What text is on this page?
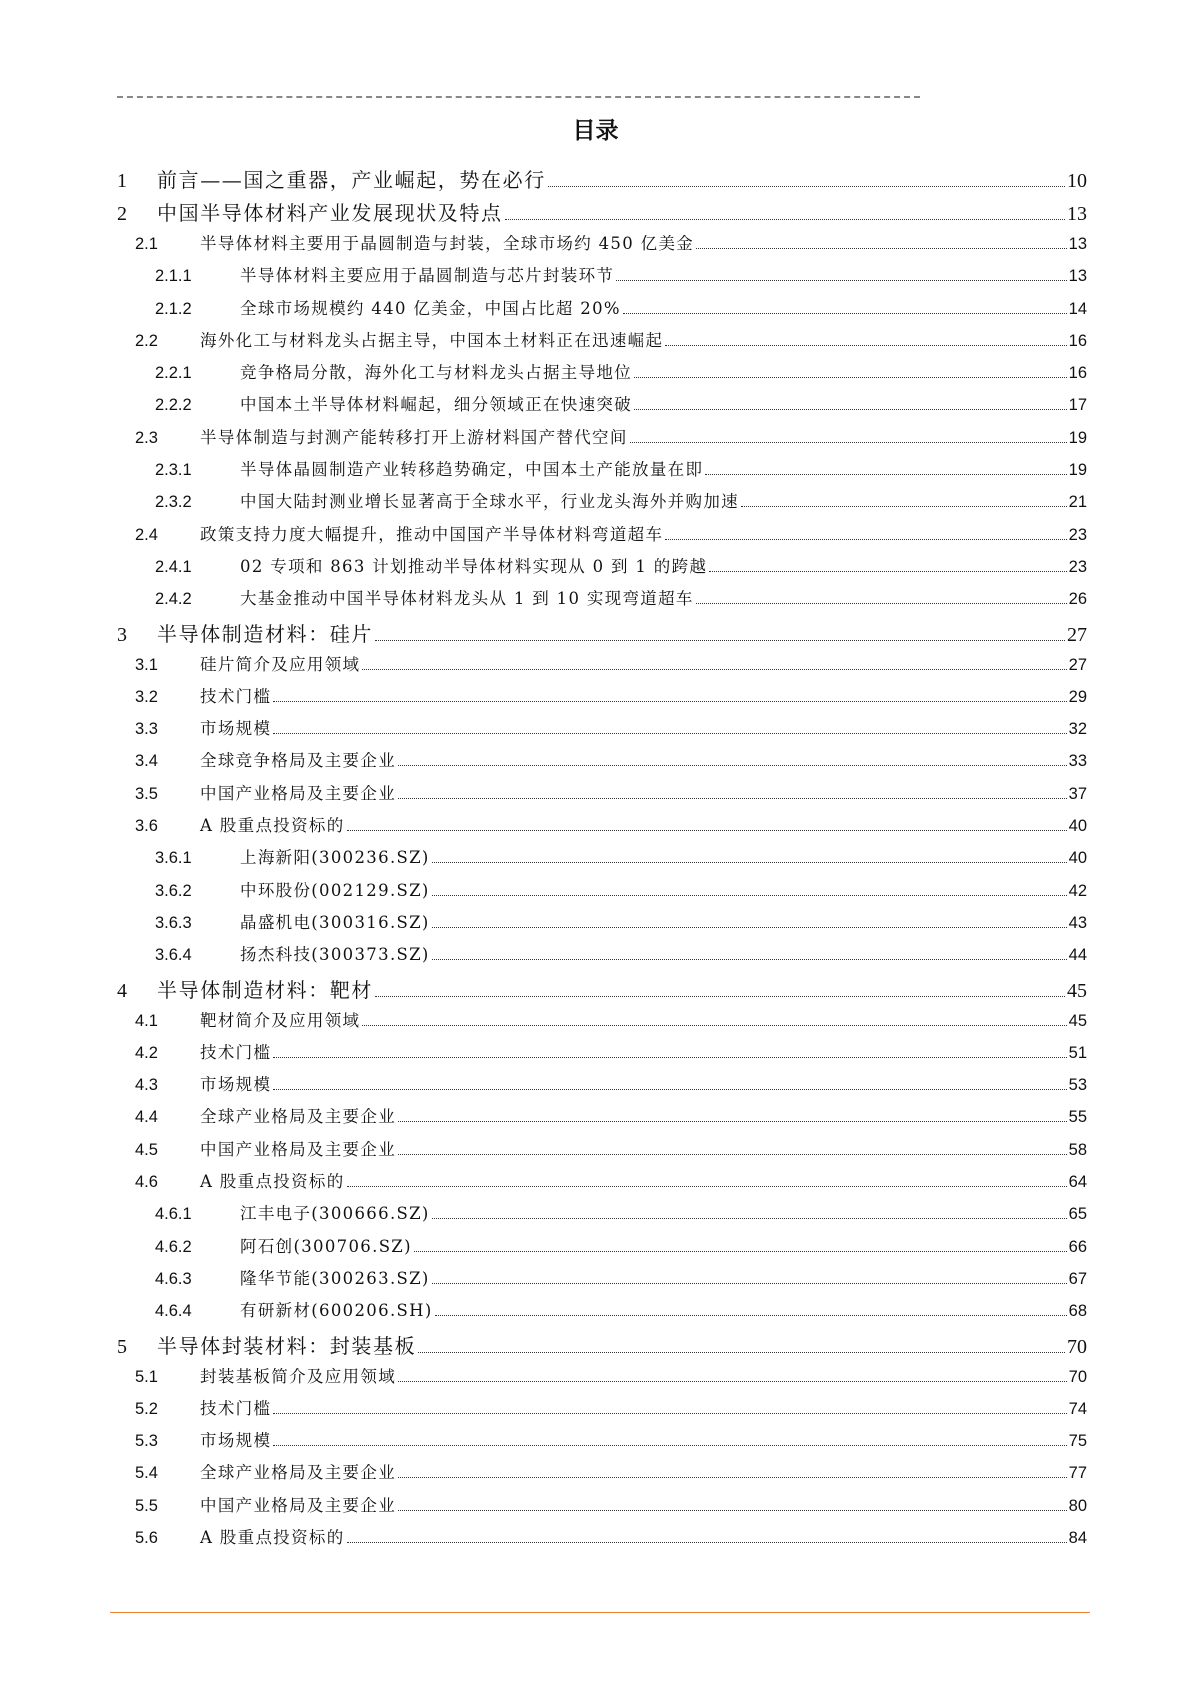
目录
1	前言——国之重器，产业崛起，势在必行	10
2	中国半导体材料产业发展现状及特点	13
2.1	半导体材料主要用于晶圆制造与封装，全球市场约 450 亿美金	13
2.1.1	半导体材料主要应用于晶圆制造与芯片封装环节	13
2.1.2	全球市场规模约 440 亿美金，中国占比超 20%	14
2.2	海外化工与材料龙头占据主导，中国本土材料正在迅速崛起	16
2.2.1	竞争格局分散，海外化工与材料龙头占据主导地位	16
2.2.2	中国本土半导体材料崛起，细分领域正在快速突破	17
2.3	半导体制造与封测产能转移打开上游材料国产替代空间	19
2.3.1	半导体晶圆制造产业转移趋势确定，中国本土产能放量在即	19
2.3.2	中国大陆封测业增长显著高于全球水平，行业龙头海外并购加速	21
2.4	政策支持力度大幅提升，推动中国国产半导体材料弯道超车	23
2.4.1	02 专项和 863 计划推动半导体材料实现从 0 到 1 的跨越	23
2.4.2	大基金推动中国半导体材料龙头从 1 到 10 实现弯道超车	26
3	半导体制造材料：硅片	27
3.1	硅片简介及应用领域	27
3.2	技术门槛	29
3.3	市场规模	32
3.4	全球竞争格局及主要企业	33
3.5	中国产业格局及主要企业	37
3.6	A 股重点投资标的	40
3.6.1	上海新阳(300236.SZ)	40
3.6.2	中环股份(002129.SZ)	42
3.6.3	晶盛机电(300316.SZ)	43
3.6.4	扬杰科技(300373.SZ)	44
4	半导体制造材料：靶材	45
4.1	靶材简介及应用领域	45
4.2	技术门槛	51
4.3	市场规模	53
4.4	全球产业格局及主要企业	55
4.5	中国产业格局及主要企业	58
4.6	A 股重点投资标的	64
4.6.1	江丰电子(300666.SZ)	65
4.6.2	阿石创(300706.SZ)	66
4.6.3	隆华节能(300263.SZ)	67
4.6.4	有研新材(600206.SH)	68
5	半导体封装材料：封装基板	70
5.1	封装基板简介及应用领域	70
5.2	技术门槛	74
5.3	市场规模	75
5.4	全球产业格局及主要企业	77
5.5	中国产业格局及主要企业	80
5.6	A 股重点投资标的	84
